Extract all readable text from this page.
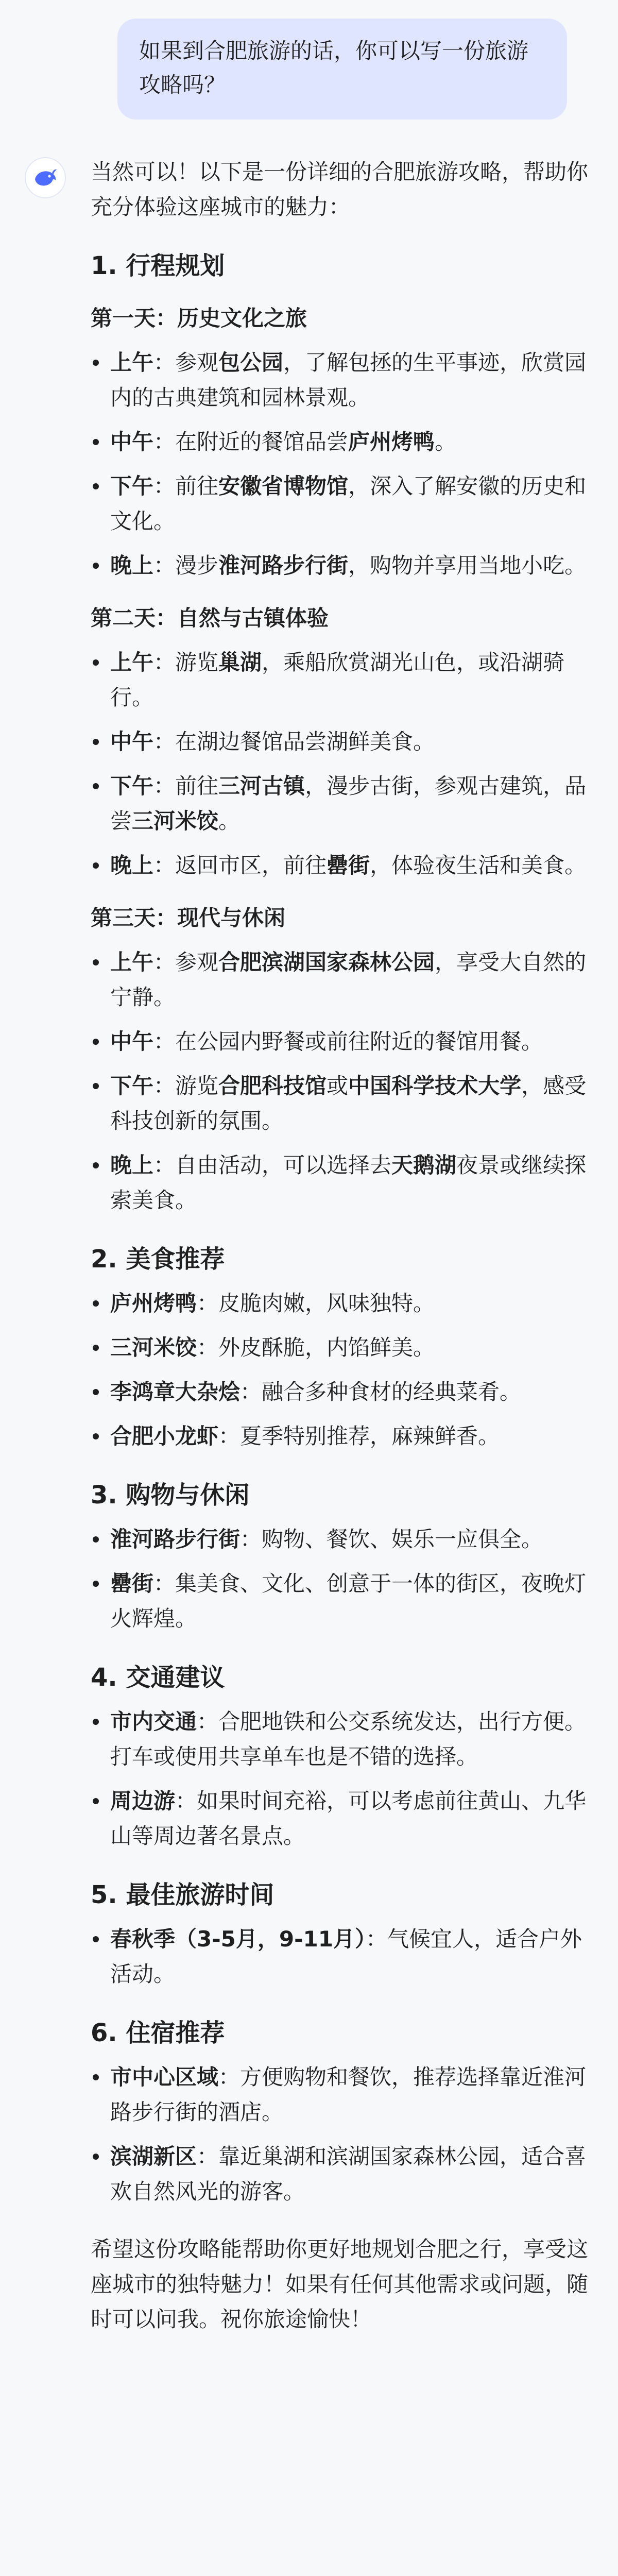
如果到合肥旅游的话，你可以写一份旅游攻略吗？

当然可以！以下是一份详细的合肥旅游攻略，帮助你充分体验这座城市的魅力：

1. 行程规划
第一天：历史文化之旅
上午：参观包公园，了解包拯的生平事迹，欣赏园内的古典建筑和园林景观。
中午：在附近的餐馆品尝庐州烤鸭。
下午：前往安徽省博物馆，深入了解安徽的历史和文化。
晚上：漫步淮河路步行街，购物并享用当地小吃。
第二天：自然与古镇体验
上午：游览巢湖，乘船欣赏湖光山色，或沿湖骑行。
中午：在湖边餐馆品尝湖鲜美食。
下午：前往三河古镇，漫步古街，参观古建筑，品尝三河米饺。
晚上：返回市区，前往罍街，体验夜生活和美食。
第三天：现代与休闲
上午：参观合肥滨湖国家森林公园，享受大自然的宁静。
中午：在公园内野餐或前往附近的餐馆用餐。
下午：游览合肥科技馆或中国科学技术大学，感受科技创新的氛围。
晚上：自由活动，可以选择去天鹅湖夜景或继续探索美食。
2. 美食推荐
庐州烤鸭：皮脆肉嫩，风味独特。
三河米饺：外皮酥脆，内馅鲜美。
李鸿章大杂烩：融合多种食材的经典菜肴。
合肥小龙虾：夏季特别推荐，麻辣鲜香。
3. 购物与休闲
淮河路步行街：购物、餐饮、娱乐一应俱全。
罍街：集美食、文化、创意于一体的街区，夜晚灯火辉煌。
4. 交通建议
市内交通：合肥地铁和公交系统发达，出行方便。打车或使用共享单车也是不错的选择。
周边游：如果时间充裕，可以考虑前往黄山、九华山等周边著名景点。
5. 最佳旅游时间
春秋季（3-5月，9-11月）：气候宜人，适合户外活动。
6. 住宿推荐
市中心区域：方便购物和餐饮，推荐选择靠近淮河路步行街的酒店。
滨湖新区：靠近巢湖和滨湖国家森林公园，适合喜欢自然风光的游客。

希望这份攻略能帮助你更好地规划合肥之行，享受这座城市的独特魅力！如果有任何其他需求或问题，随时可以问我。祝你旅途愉快！
